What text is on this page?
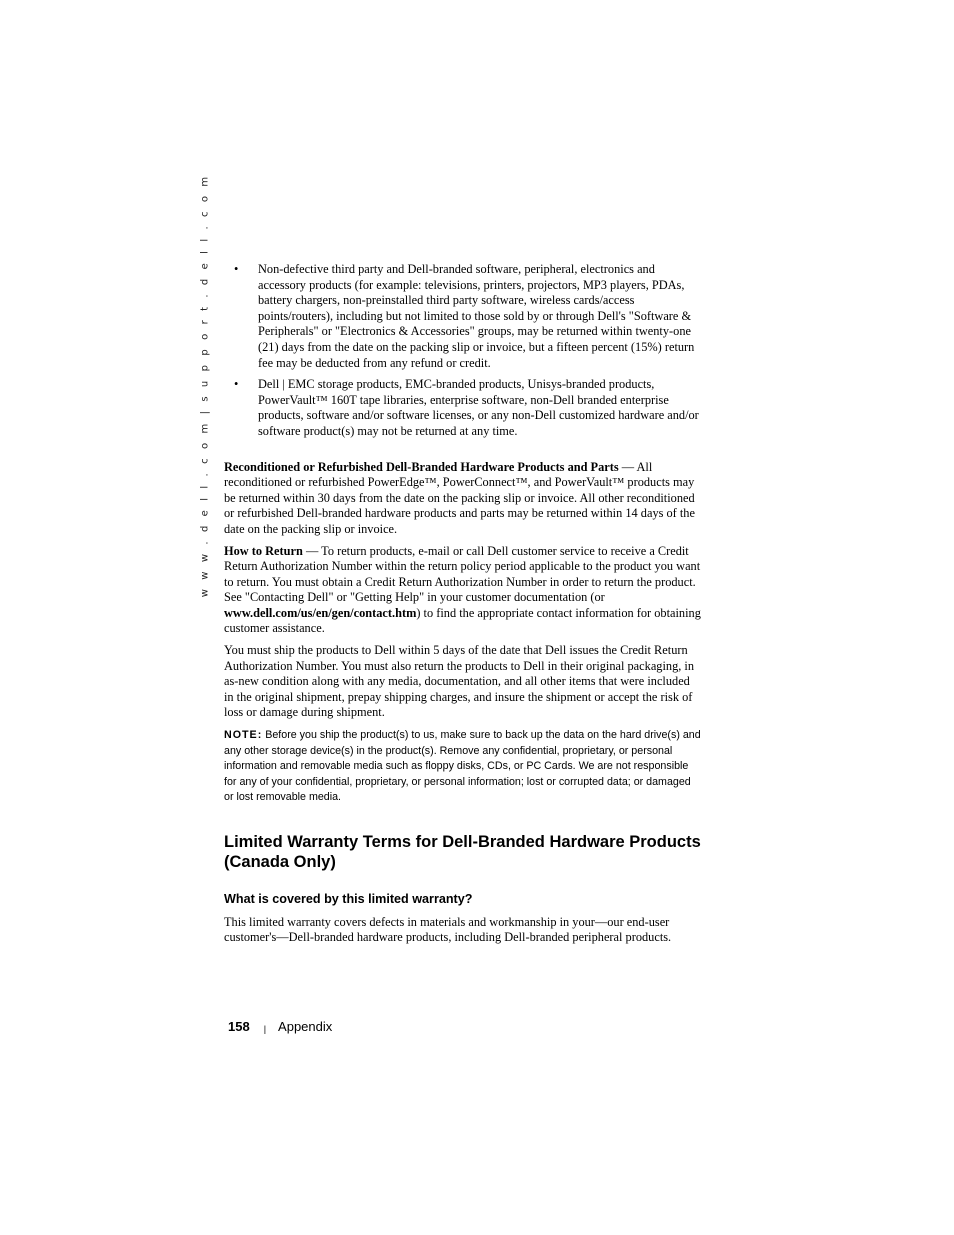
w w w . d e l l . c o m | s u p p o r t . d e l l . c o m • Non-defective third party and Dell-branded software, peripheral, electronics and accessory products (for example: televisions, printers, projectors, MP3 players, PDAs, battery chargers, non-preinstalled third party software, wireless cards/access points/routers), including but not limited to those sold by or through Dell's "Software & Peripherals" or "Electronics & Accessories" groups, may be returned within twenty-one (21) days from the date on the packing slip or invoice, but a fifteen percent (15%) return fee may be deducted from any refund or credit.
• Dell | EMC storage products, EMC-branded products, Unisys-branded products, PowerVault™ 160T tape libraries, enterprise software, non-Dell branded enterprise products, software and/or software licenses, or any non-Dell customized hardware and/or software product(s) may not be returned at any time.

Reconditioned or Refurbished Dell-Branded Hardware Products and Parts — All reconditioned or refurbished PowerEdge™, PowerConnect™, and PowerVault™ products may be returned within 30 days from the date on the packing slip or invoice. All other reconditioned or refurbished Dell-branded hardware products and parts may be returned within 14 days of the date on the packing slip or invoice.

How to Return — To return products, e-mail or call Dell customer service to receive a Credit Return Authorization Number within the return policy period applicable to the product you want to return. You must obtain a Credit Return Authorization Number in order to return the product. See "Contacting Dell" or "Getting Help" in your customer documentation (or www.dell.com/us/en/gen/contact.htm) to find the appropriate contact information for obtaining customer assistance.

You must ship the products to Dell within 5 days of the date that Dell issues the Credit Return Authorization Number. You must also return the products to Dell in their original packaging, in as-new condition along with any media, documentation, and all other items that were included in the original shipment, prepay shipping charges, and insure the shipment or accept the risk of loss or damage during shipment.

NOTE: Before you ship the product(s) to us, make sure to back up the data on the hard drive(s) and any other storage device(s) in the product(s). Remove any confidential, proprietary, or personal information and removable media such as floppy disks, CDs, or PC Cards. We are not responsible for any of your confidential, proprietary, or personal information; lost or corrupted data; or damaged or lost removable media.
Limited Warranty Terms for Dell-Branded Hardware Products (Canada Only)
What is covered by this limited warranty?

This limited warranty covers defects in materials and workmanship in your—our end-user customer's—Dell-branded hardware products, including Dell-branded peripheral products.

158 | Appendix
